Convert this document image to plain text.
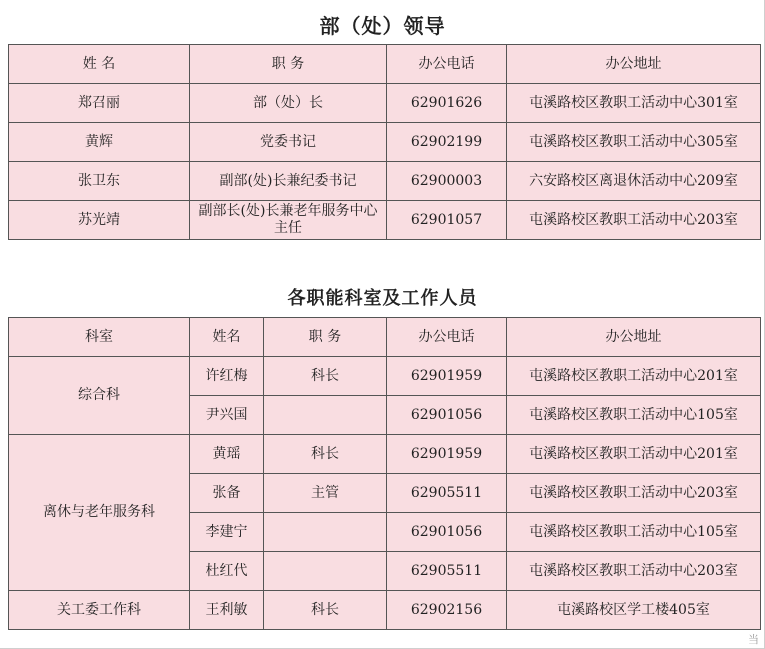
部（处）领导
姓 名	职 务	办公电话	办公地址
郑召丽	部（处）长	62901626	屯溪路校区教职工活动中心301室
黄辉	党委书记	62902199	屯溪路校区教职工活动中心305室
张卫东	副部(处)长兼纪委书记	62900003	六安路校区离退休活动中心209室
苏光靖	副部长(处)长兼老年服务中心主任	62901057	屯溪路校区教职工活动中心203室
各职能科室及工作人员
科室	姓名	职 务	办公电话	办公地址
综合科	许红梅	科长	62901959	屯溪路校区教职工活动中心201室
	尹兴国		62901056	屯溪路校区教职工活动中心105室
离休与老年服务科	黄瑶	科长	62901959	屯溪路校区教职工活动中心201室
	张备	主管	62905511	屯溪路校区教职工活动中心203室
	李建宁		62901056	屯溪路校区教职工活动中心105室
	杜红代		62905511	屯溪路校区教职工活动中心203室
关工委工作科	王利敏	科长	62902156	屯溪路校区学工楼405室
当
